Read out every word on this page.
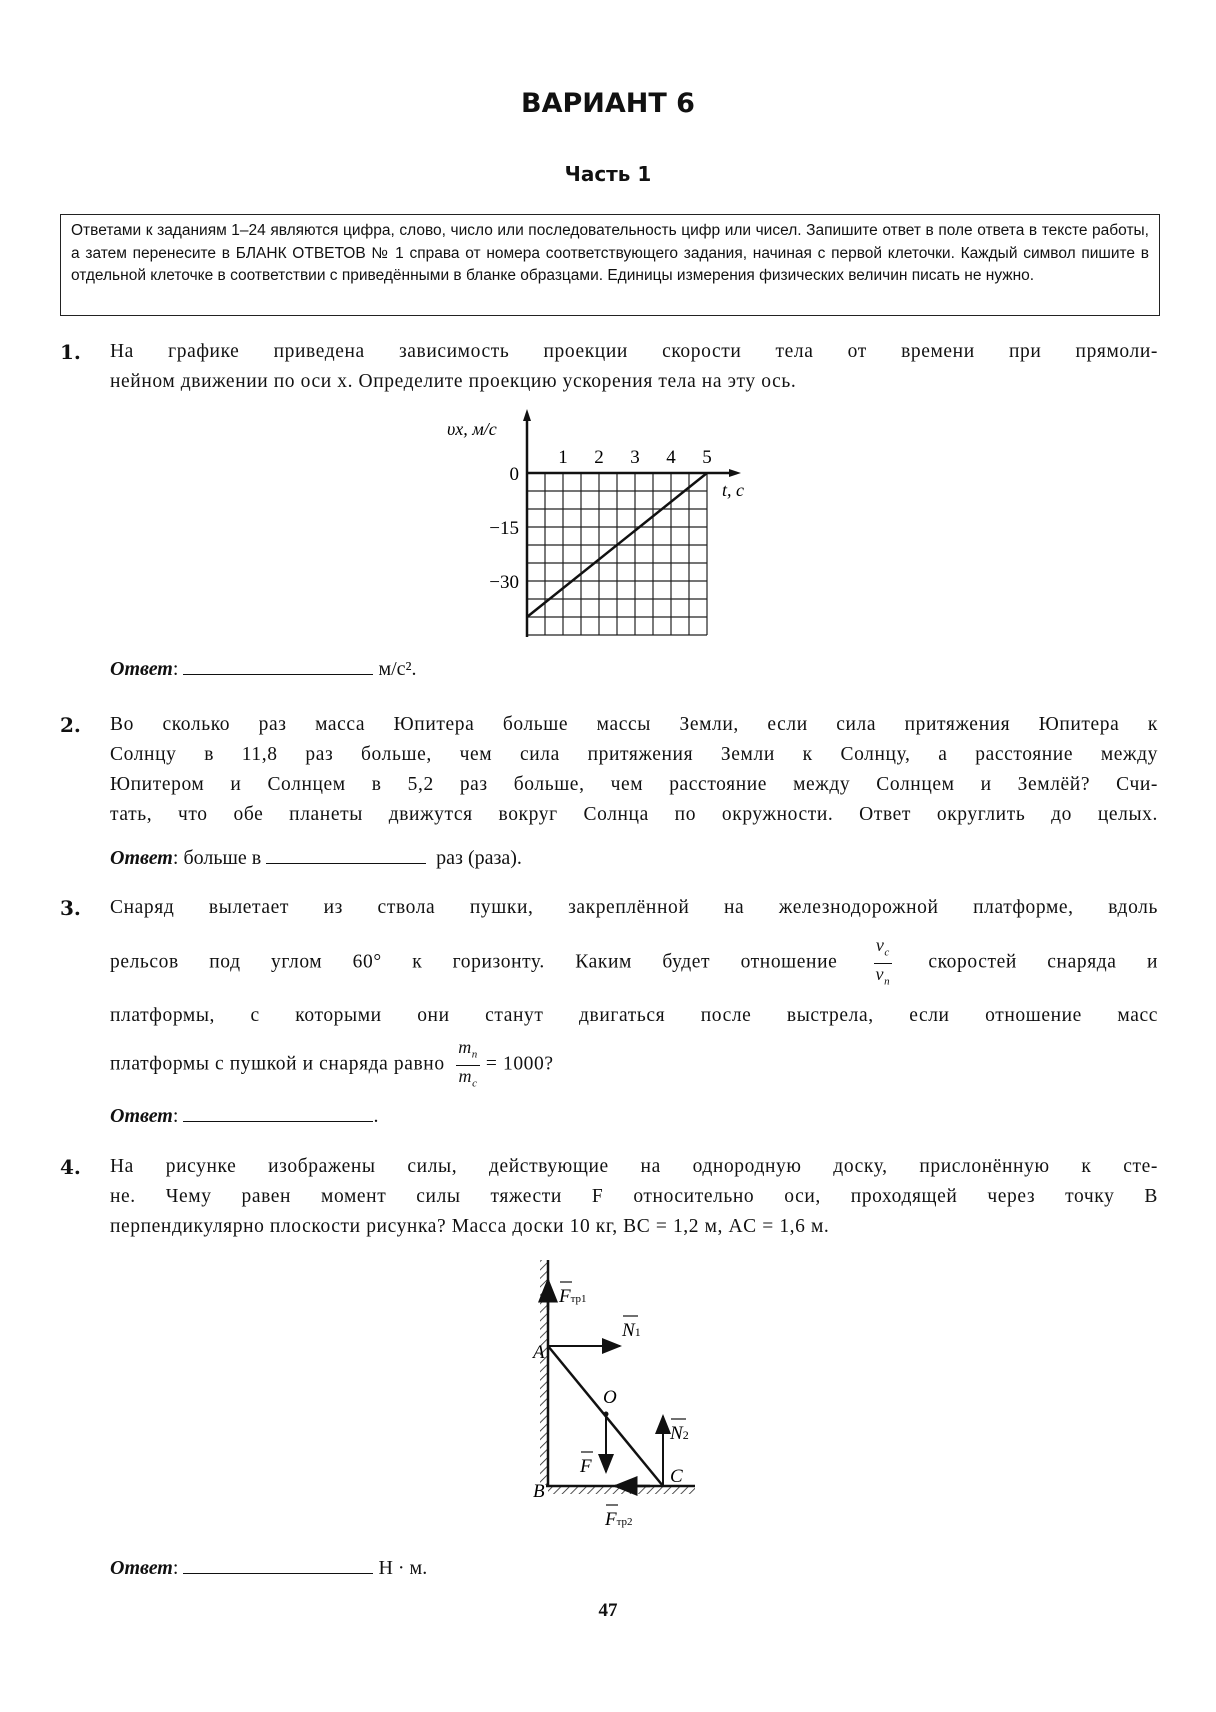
ВАРИАНТ 6
Часть 1
Ответами к заданиям 1–24 являются цифра, слово, число или последовательность цифр или чисел. Запишите ответ в поле ответа в тексте работы, а затем перенесите в БЛАНК ОТВЕТОВ № 1 справа от номера соответствующего задания, начиная с первой клеточки. Каждый символ пишите в отдельной клеточке в соответствии с приведёнными в бланке образцами. Единицы измерения физических величин писать не нужно.
1. На графике приведена зависимость проекции скорости тела от времени при прямоли-
нейном движении по оси x. Определите проекцию ускорения тела на эту ось.
υx, м/с
t, с
1 2 3 4 5
0
−15
−30
Ответ:	м/с².
2. Во сколько раз масса Юпитера больше массы Земли, если сила притяжения Юпитера к
Солнцу в 11,8 раз больше, чем сила притяжения Земли к Солнцу, а расстояние между
Юпитером и Солнцем в 5,2 раз больше, чем расстояние между Солнцем и Землёй? Счи-
тать, что обе планеты движутся вокруг Солнца по окружности. Ответ округлить до целых.
Ответ: больше в	раз (раза).
3. Снаряд вылетает из ствола пушки, закреплённой на железнодорожной платформе, вдоль
рельсов под углом 60° к горизонту. Каким будет отношение $\frac{v_с}{v_п}$ скоростей снаряда и
платформы, с которыми они станут двигаться после выстрела, если отношение масс
платформы с пушкой и снаряда равно $\frac{m_п}{m_с} = 1000$?
Ответ:	.
4. На рисунке изображены силы, действующие на однородную доску, прислонённую к сте-
не. Чему равен момент силы тяжести F относительно оси, проходящей через точку B
перпендикулярно плоскости рисунка? Масса доски 10 кг, BC = 1,2 м, AC = 1,6 м.
A
B
C
O
F
Fтр1
N1
N2
Fтр2
Ответ:	Н · м.
47
